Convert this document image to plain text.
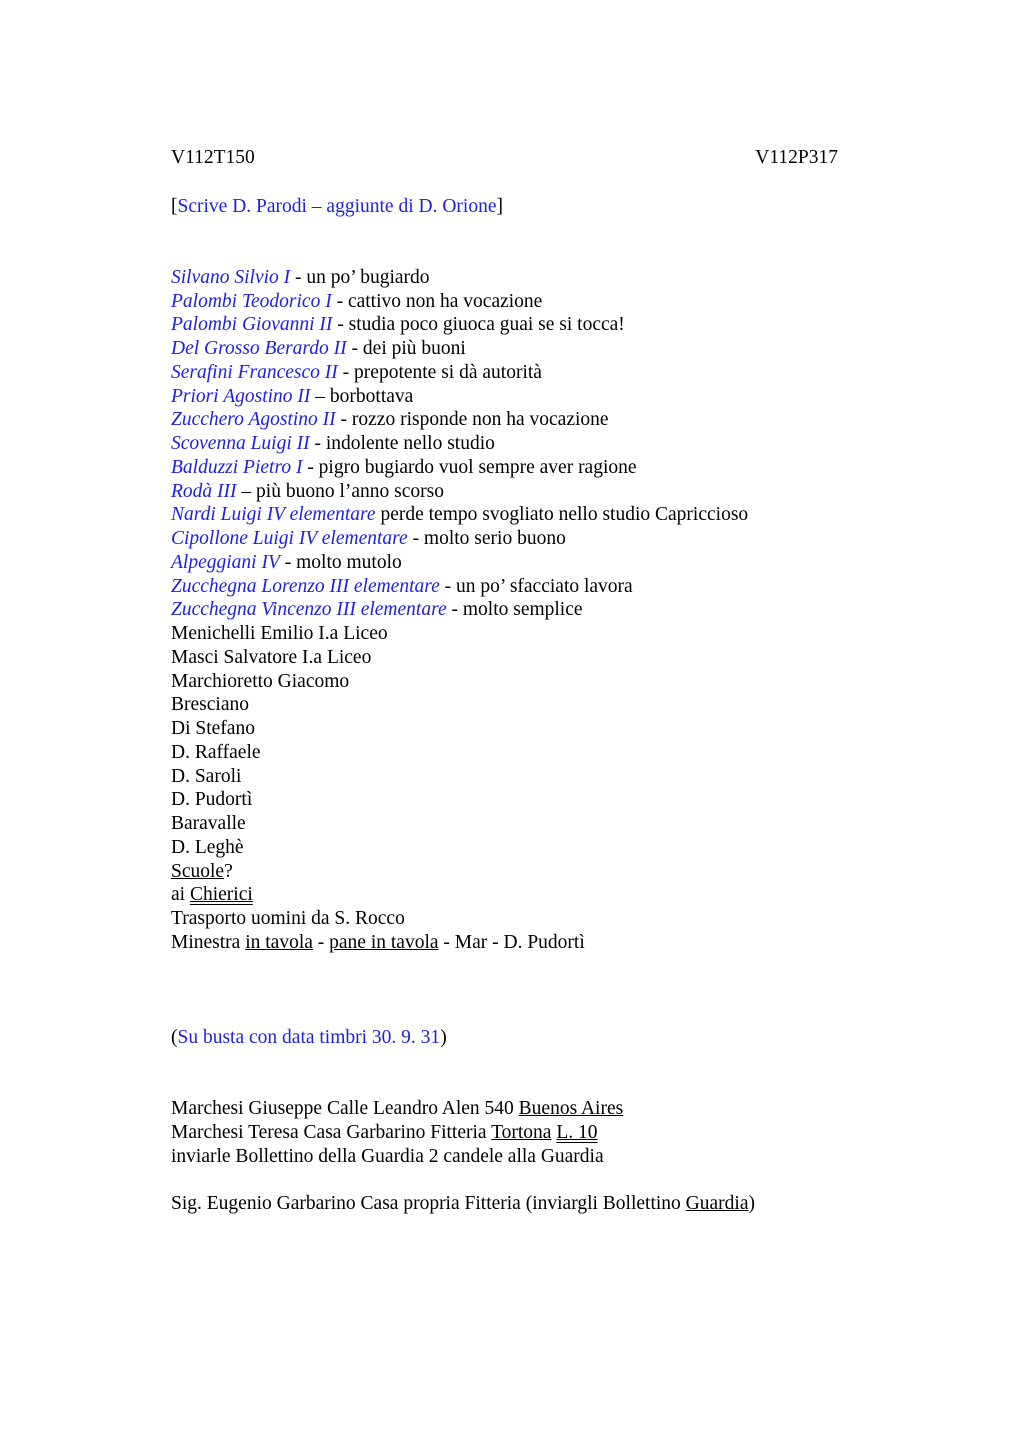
V112T150	V112P317
[Scrive D. Parodi – aggiunte di D. Orione]
Silvano Silvio I - un po’ bugiardo
Palombi Teodorico I - cattivo non ha vocazione
Palombi Giovanni II - studia poco giuoca guai se si tocca!
Del Grosso Berardo II - dei più buoni
Serafini Francesco II - prepotente si dà autorità
Priori Agostino II – borbottava
Zucchero Agostino II - rozzo risponde non ha vocazione
Scovenna Luigi II - indolente nello studio
Balduzzi Pietro I - pigro bugiardo vuol sempre aver ragione
Rodà III – più buono l’anno scorso
Nardi Luigi IV elementare perde tempo svogliato nello studio Capriccioso
Cipollone Luigi IV elementare - molto serio buono
Alpeggiani IV - molto mutolo
Zucchegna Lorenzo III elementare - un po’ sfacciato lavora
Zucchegna Vincenzo III elementare - molto semplice
Menichelli Emilio I.a Liceo
Masci Salvatore I.a Liceo
Marchioretto Giacomo
Bresciano
Di Stefano
D. Raffaele
D. Saroli
D. Pudortì
Baravalle
D. Leghè
Scuole?
ai Chierici
Trasporto uomini da S. Rocco
Minestra in tavola - pane in tavola - Mar - D. Pudortì
(Su busta con data timbri 30. 9. 31)
Marchesi Giuseppe Calle Leandro Alen 540 Buenos Aires
Marchesi Teresa Casa Garbarino Fitteria Tortona L. 10
inviarle Bollettino della Guardia 2 candele alla Guardia
Sig. Eugenio Garbarino Casa propria Fitteria (inviargli Bollettino Guardia)
